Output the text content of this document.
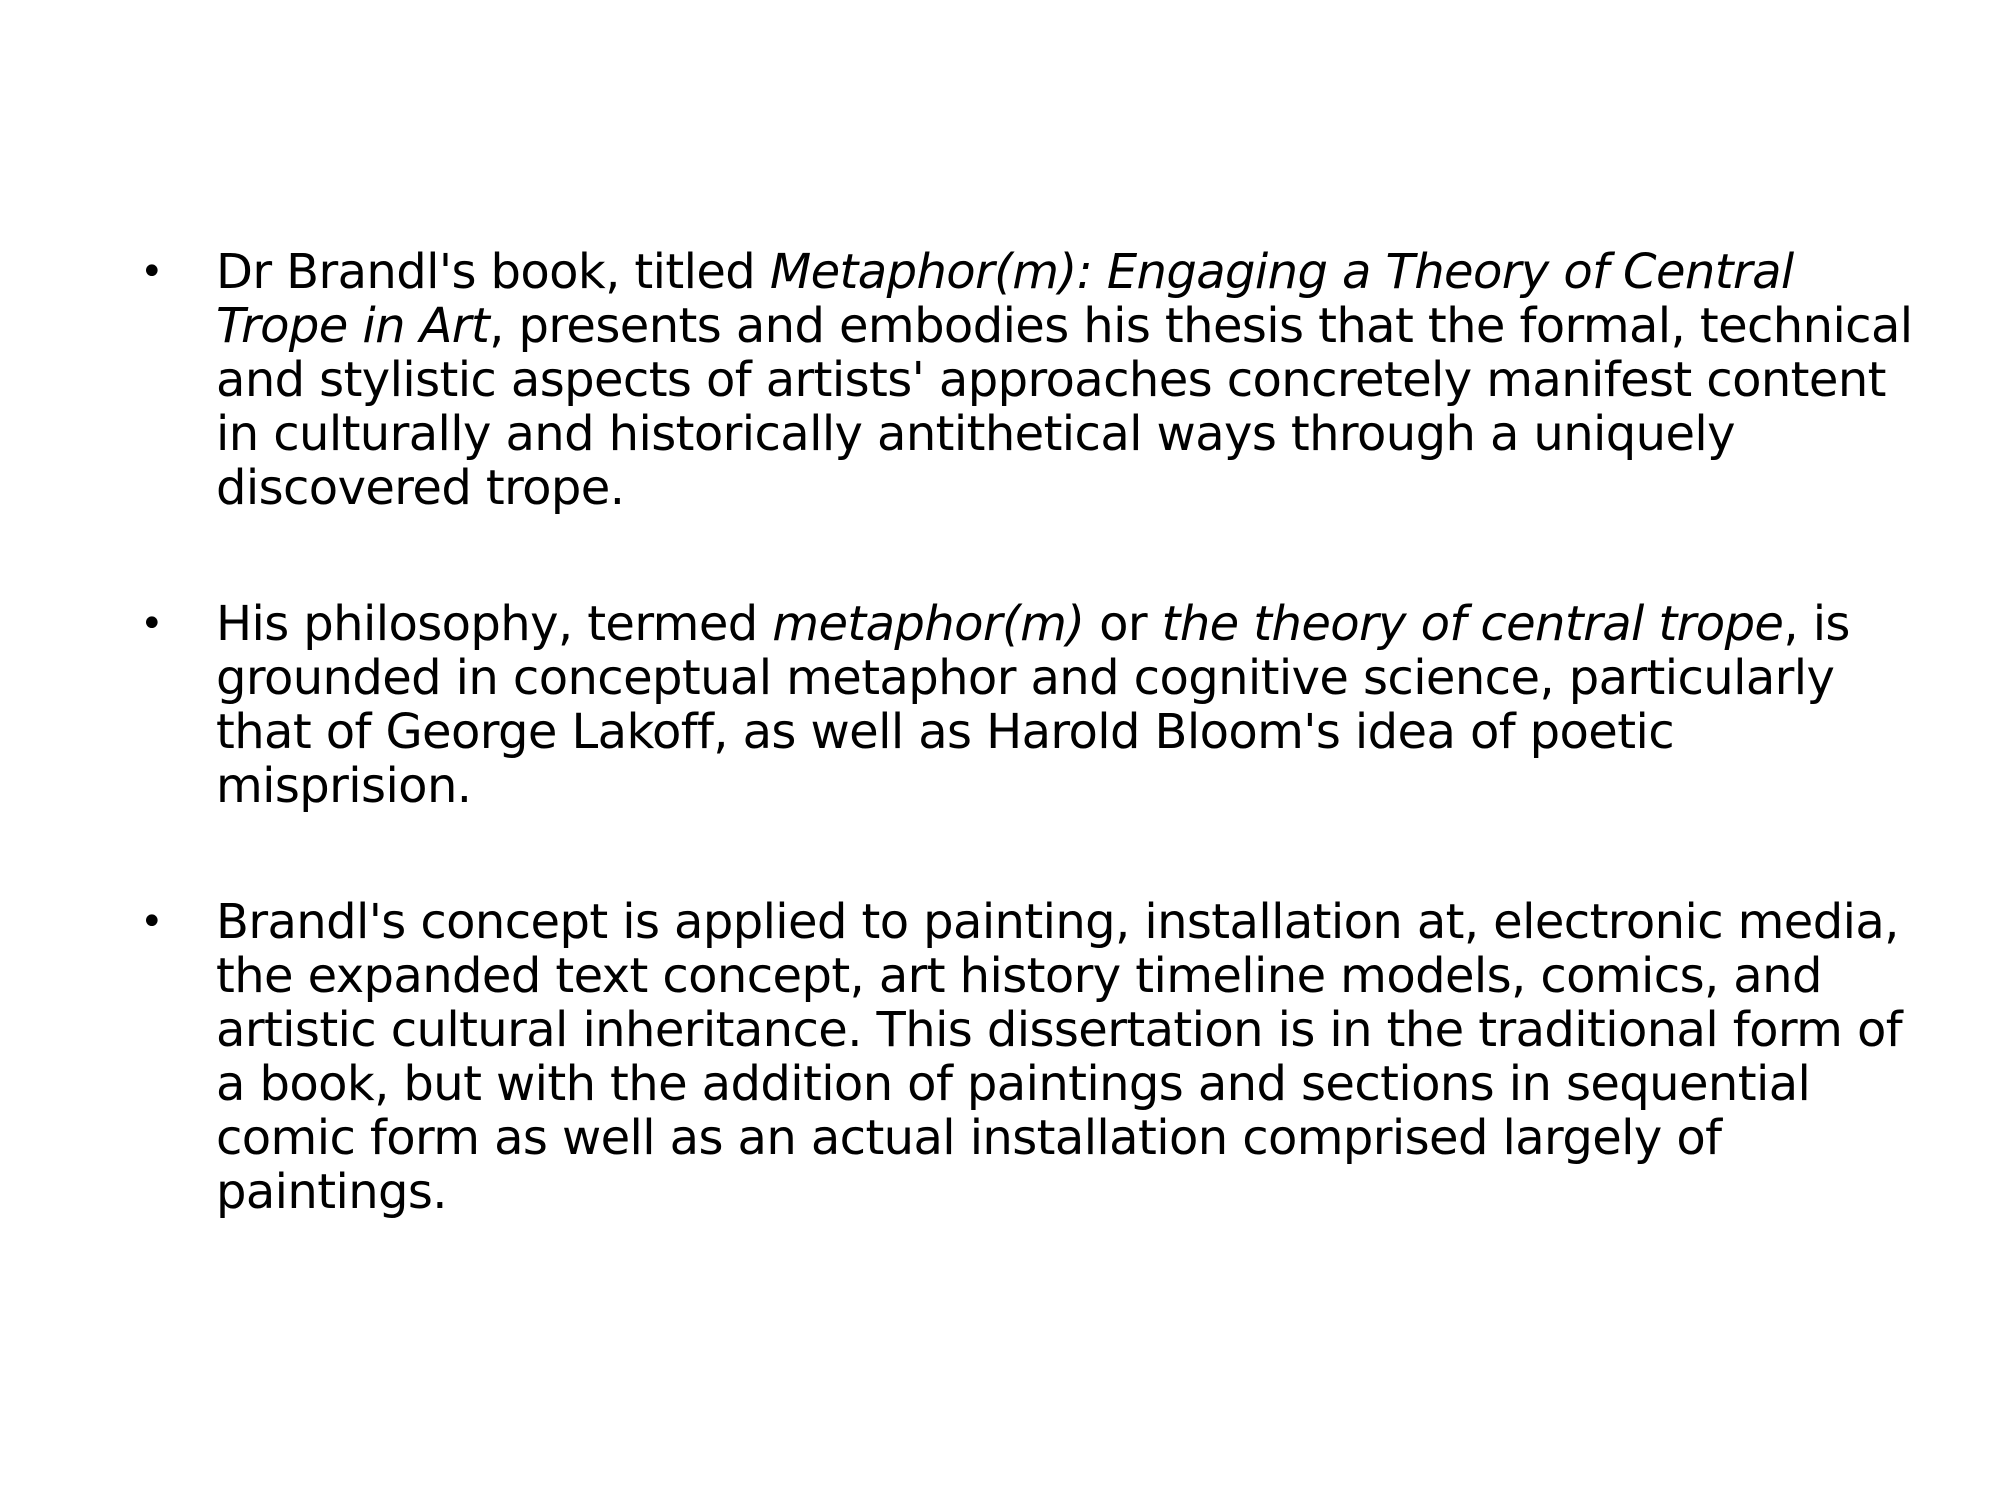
• Dr Brandl's book, titled Metaphor(m): Engaging a Theory of Central Trope in Art, presents and embodies his thesis that the formal, technical and stylistic aspects of artists' approaches concretely manifest content in culturally and historically antithetical ways through a uniquely discovered trope.
• His philosophy, termed metaphor(m) or the theory of central trope, is grounded in conceptual metaphor and cognitive science, particularly that of George Lakoff, as well as Harold Bloom's idea of poetic misprision.
• Brandl's concept is applied to painting, installation at, electronic media, the expanded text concept, art history timeline models, comics, and artistic cultural inheritance. This dissertation is in the traditional form of a book, but with the addition of paintings and sections in sequential comic form as well as an actual installation comprised largely of paintings.
